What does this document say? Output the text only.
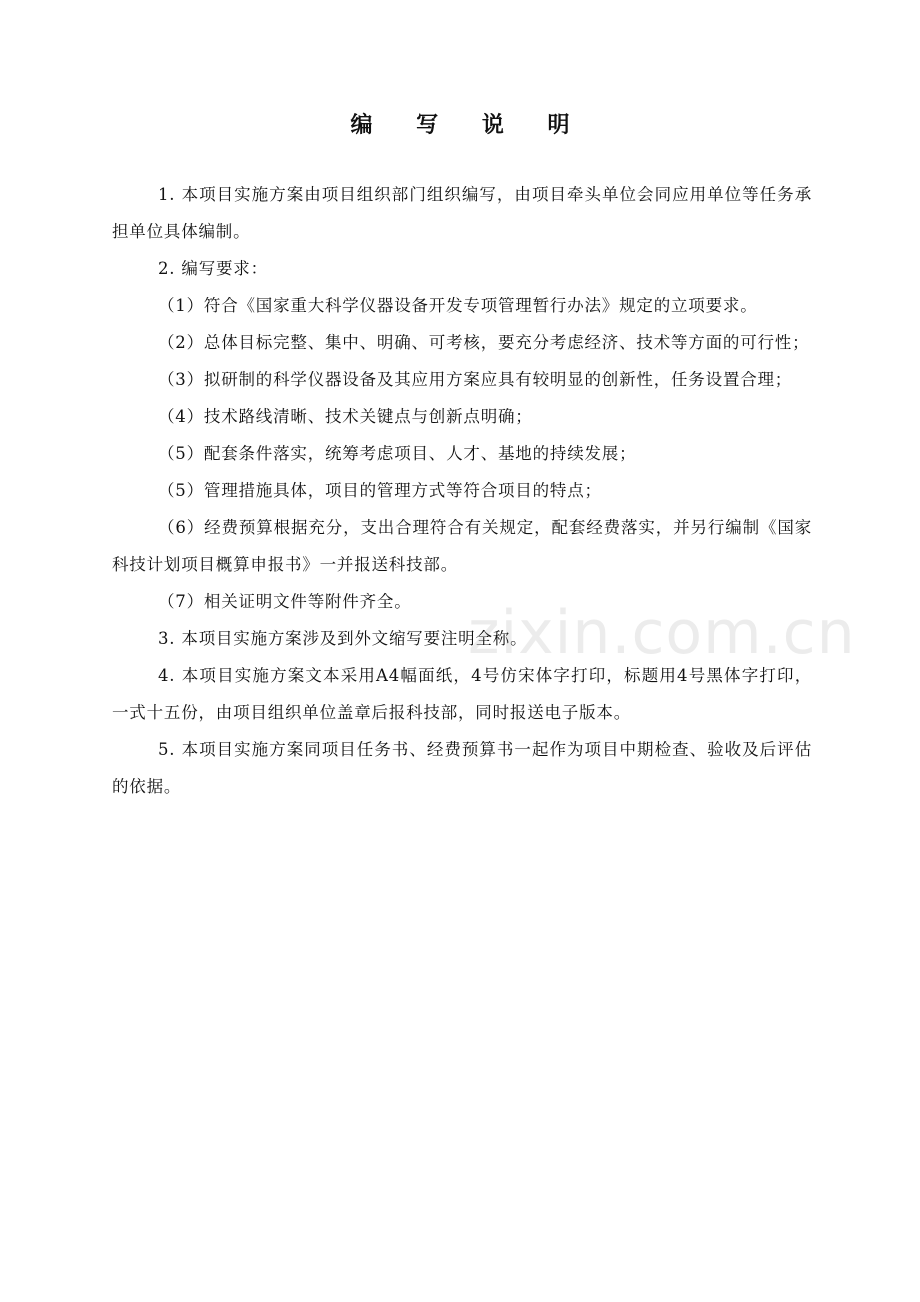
编 写 说 明

1. 本项目实施方案由项目组织部门组织编写，由项目牵头单位会同应用单位等任务承担单位具体编制。

2. 编写要求：

（1）符合《国家重大科学仪器设备开发专项管理暂行办法》规定的立项要求。

（2）总体目标完整、集中、明确、可考核，要充分考虑经济、技术等方面的可行性；

（3）拟研制的科学仪器设备及其应用方案应具有较明显的创新性，任务设置合理；

（4）技术路线清晰、技术关键点与创新点明确；

（5）配套条件落实，统筹考虑项目、人才、基地的持续发展；

（5）管理措施具体，项目的管理方式等符合项目的特点；

（6）经费预算根据充分，支出合理符合有关规定，配套经费落实，并另行编制《国家科技计划项目概算申报书》一并报送科技部。

（7）相关证明文件等附件齐全。

3. 本项目实施方案涉及到外文缩写要注明全称。

4. 本项目实施方案文本采用A4幅面纸，4号仿宋体字打印，标题用4号黑体字打印，一式十五份，由项目组织单位盖章后报科技部，同时报送电子版本。

5. 本项目实施方案同项目任务书、经费预算书一起作为项目中期检查、验收及后评估的依据。

zixin.com.cn
